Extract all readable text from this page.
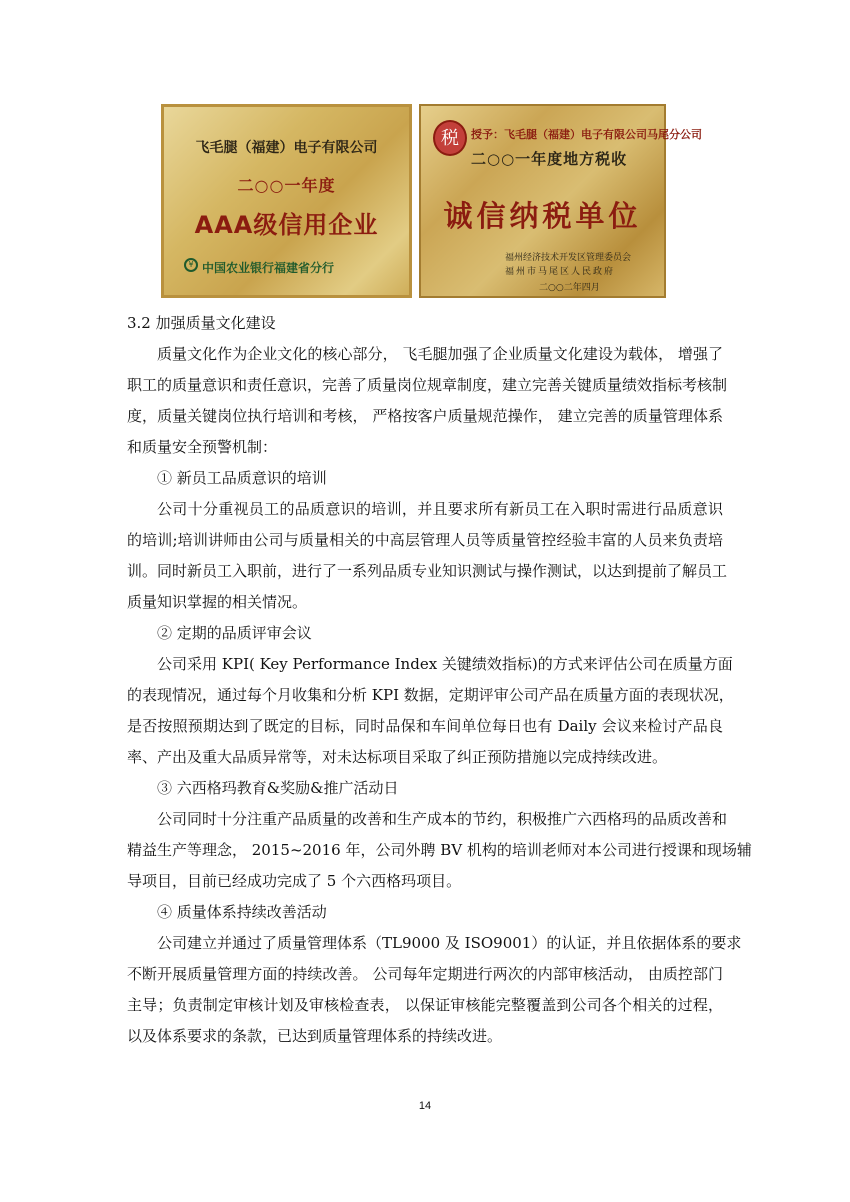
飞毛腿（福建）电子有限公司
二○○一年度
AAA级信用企业
¥ 中国农业银行福建省分行
税	授予：飞毛腿（福建）电子有限公司马尾分公司
二○○一年度地方税收
诚信纳税单位
福州经济技术开发区管理委员会
福州市马尾区人民政府
二○○二年四月
3.2 加强质量文化建设
质量文化作为企业文化的核心部分， 飞毛腿加强了企业质量文化建设为载体， 增强了
职工的质量意识和责任意识，完善了质量岗位规章制度，建立完善关键质量绩效指标考核制
度，质量关键岗位执行培训和考核， 严格按客户质量规范操作， 建立完善的质量管理体系
和质量安全预警机制：
① 新员工品质意识的培训
公司十分重视员工的品质意识的培训，并且要求所有新员工在入职时需进行品质意识
的培训;培训讲师由公司与质量相关的中高层管理人员等质量管控经验丰富的人员来负责培
训。同时新员工入职前，进行了一系列品质专业知识测试与操作测试，以达到提前了解员工
质量知识掌握的相关情况。
② 定期的品质评审会议
公司采用 KPI( Key Performance Index 关键绩效指标)的方式来评估公司在质量方面
的表现情况，通过每个月收集和分析 KPI 数据，定期评审公司产品在质量方面的表现状况，
是否按照预期达到了既定的目标，同时品保和车间单位每日也有 Daily 会议来检讨产品良
率、产出及重大品质异常等，对未达标项目采取了纠正预防措施以完成持续改进。
③ 六西格玛教育&奖励&推广活动日
公司同时十分注重产品质量的改善和生产成本的节约，积极推广六西格玛的品质改善和
精益生产等理念， 2015~2016 年，公司外聘 BV 机构的培训老师对本公司进行授课和现场辅
导项目，目前已经成功完成了 5 个六西格玛项目。
④ 质量体系持续改善活动
公司建立并通过了质量管理体系（TL9000 及 ISO9001）的认证，并且依据体系的要求
不断开展质量管理方面的持续改善。 公司每年定期进行两次的内部审核活动， 由质控部门
主导；负责制定审核计划及审核检查表， 以保证审核能完整覆盖到公司各个相关的过程，
以及体系要求的条款，已达到质量管理体系的持续改进。
14
